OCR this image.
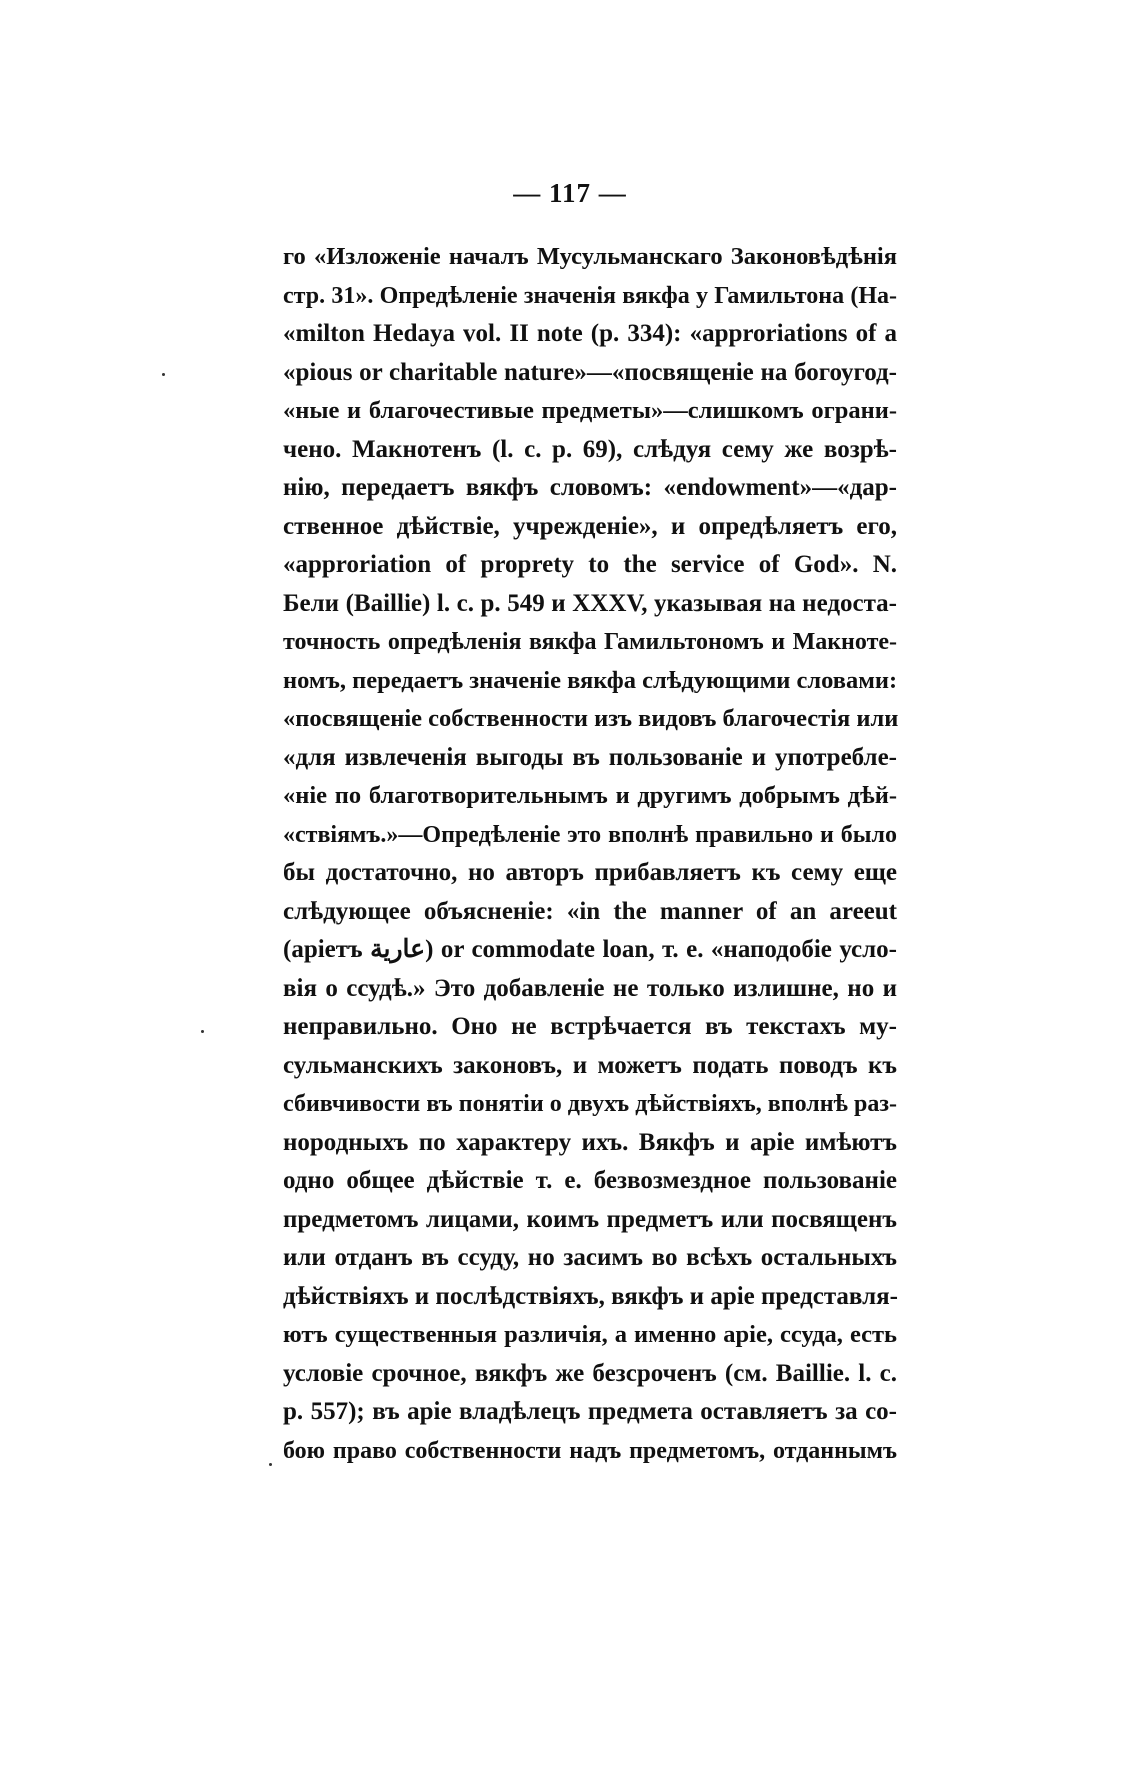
— 117 —
го «Изложеніе началъ Мусульманскаго Законовѣдѣнія
стр. 31». Опредѣленіе значенія вякфа у Гамильтона (Ha-
«milton Hedaya vol. II note (p. 334): «approriations of a
«pious or charitable nature»—«посвященіе на богоугод-
«ные и благочестивые предметы»—слишкомъ ограни-
чено. Макнотенъ (l. c. p. 69), слѣдуя сему же возрѣ-
нію, передаетъ вякфъ словомъ: «endowment»—«дар-
ственное дѣйствіе, учрежденіе», и опредѣляетъ его,
«approriation of proprety to the service of God». N.
Бели (Baillie) l. c. p. 549 и XXXV, указывая на недоста-
точность опредѣленія вякфа Гамильтономъ и Макноте-
номъ, передаетъ значеніе вякфа слѣдующими словами:
«посвященіе собственности изъ видовъ благочестія или
«для извлеченія выгоды въ пользованіе и употребле-
«ніе по благотворительнымъ и другимъ добрымъ дѣй-
«ствіямъ.»—Опредѣленіе это вполнѣ правильно и было
бы достаточно, но авторъ прибавляетъ къ сему еще
слѣдующее объясненіе: «in the manner of an areeut
(аріетъ عارية) or commodate loan, т. е. «наподобіе усло-
вія о ссудѣ.» Это добавленіе не только излишне, но и
неправильно. Оно не встрѣчается въ текстахъ му-
сульманскихъ законовъ, и можетъ подать поводъ къ
сбивчивости въ понятіи о двухъ дѣйствіяхъ, вполнѣ раз-
нородныхъ по характеру ихъ. Вякфъ и аріе имѣютъ
одно общее дѣйствіе т. е. безвозмездное пользованіе
предметомъ лицами, коимъ предметъ или посвященъ
или отданъ въ ссуду, но засимъ во всѣхъ остальныхъ
дѣйствіяхъ и послѣдствіяхъ, вякфъ и аріе представля-
ютъ существенныя различія, а именно аріе, ссуда, есть
условіе срочное, вякфъ же безсроченъ (см. Baillie. l. c.
p. 557); въ аріе владѣлецъ предмета оставляетъ за со-
бою право собственности надъ предметомъ, отданнымъ
